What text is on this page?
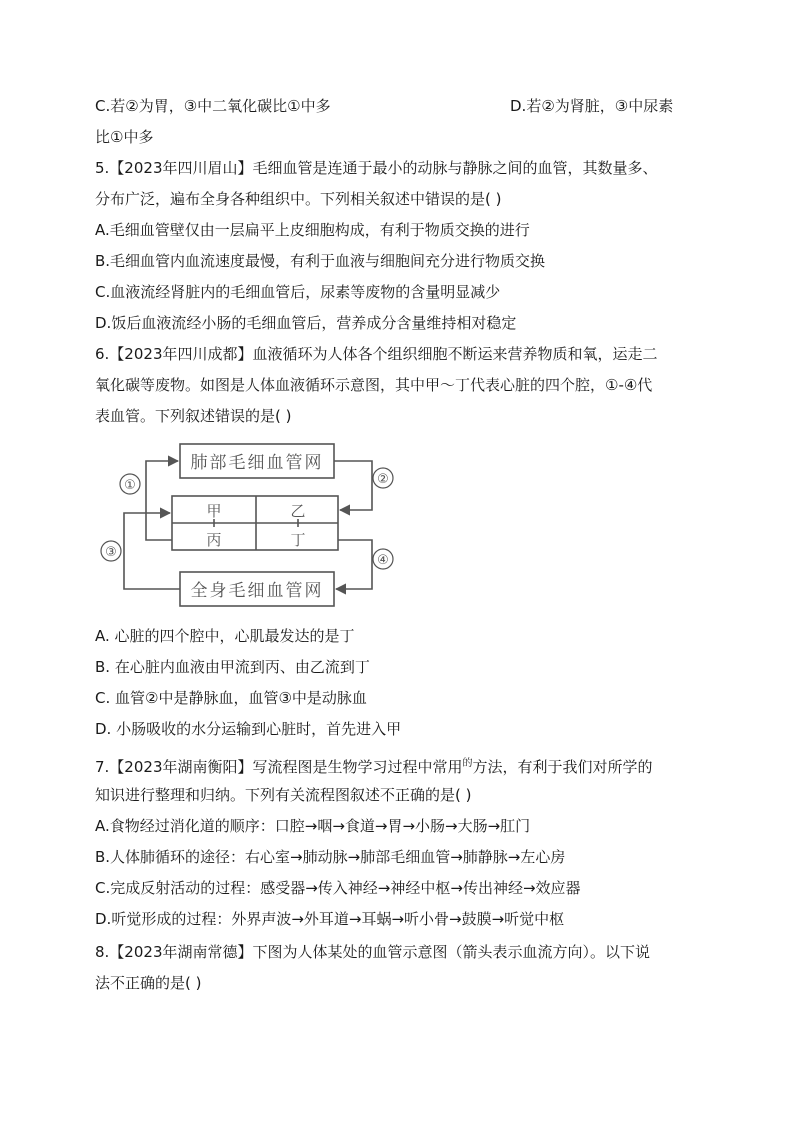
C.若②为胃，③中二氧化碳比①中多	D.若②为肾脏，③中尿素
比①中多
5.【2023年四川眉山】毛细血管是连通于最小的动脉与静脉之间的血管，其数量多、
分布广泛，遍布全身各种组织中。下列相关叙述中错误的是( )
A.毛细血管壁仅由一层扁平上皮细胞构成，有利于物质交换的进行
B.毛细血管内血流速度最慢，有利于血液与细胞间充分进行物质交换
C.血液流经肾脏内的毛细血管后，尿素等废物的含量明显减少
D.饭后血液流经小肠的毛细血管后，营养成分含量维持相对稳定
6.【2023年四川成都】血液循环为人体各个组织细胞不断运来营养物质和氧，运走二
氧化碳等废物。如图是人体血液循环示意图，其中甲～丁代表心脏的四个腔，①-④代
表血管。下列叙述错误的是( )
①	②
③
④
肺部毛细血管网
全身毛细血管网
甲	乙
丙	丁
A. 心脏的四个腔中，心肌最发达的是丁
B. 在心脏内血液由甲流到丙、由乙流到丁
C. 血管②中是静脉血，血管③中是动脉血
D. 小肠吸收的水分运输到心脏时，首先进入甲
7.【2023年湖南衡阳】写流程图是生物学习过程中常用$^的$方法，有利于我们对所学的
知识进行整理和归纳。下列有关流程图叙述不正确的是( )
A.食物经过消化道的顺序：口腔→咽→食道→胃→小肠→大肠→肛门
B.人体肺循环的途径：右心室→肺动脉→肺部毛细血管→肺静脉→左心房
C.完成反射活动的过程：感受器→传入神经→神经中枢→传出神经→效应器
D.听觉形成的过程：外界声波→外耳道→耳蜗→听小骨→鼓膜→听觉中枢
8.【2023年湖南常德】下图为人体某处的血管示意图（箭头表示血流方向）。以下说
法不正确的是( )
